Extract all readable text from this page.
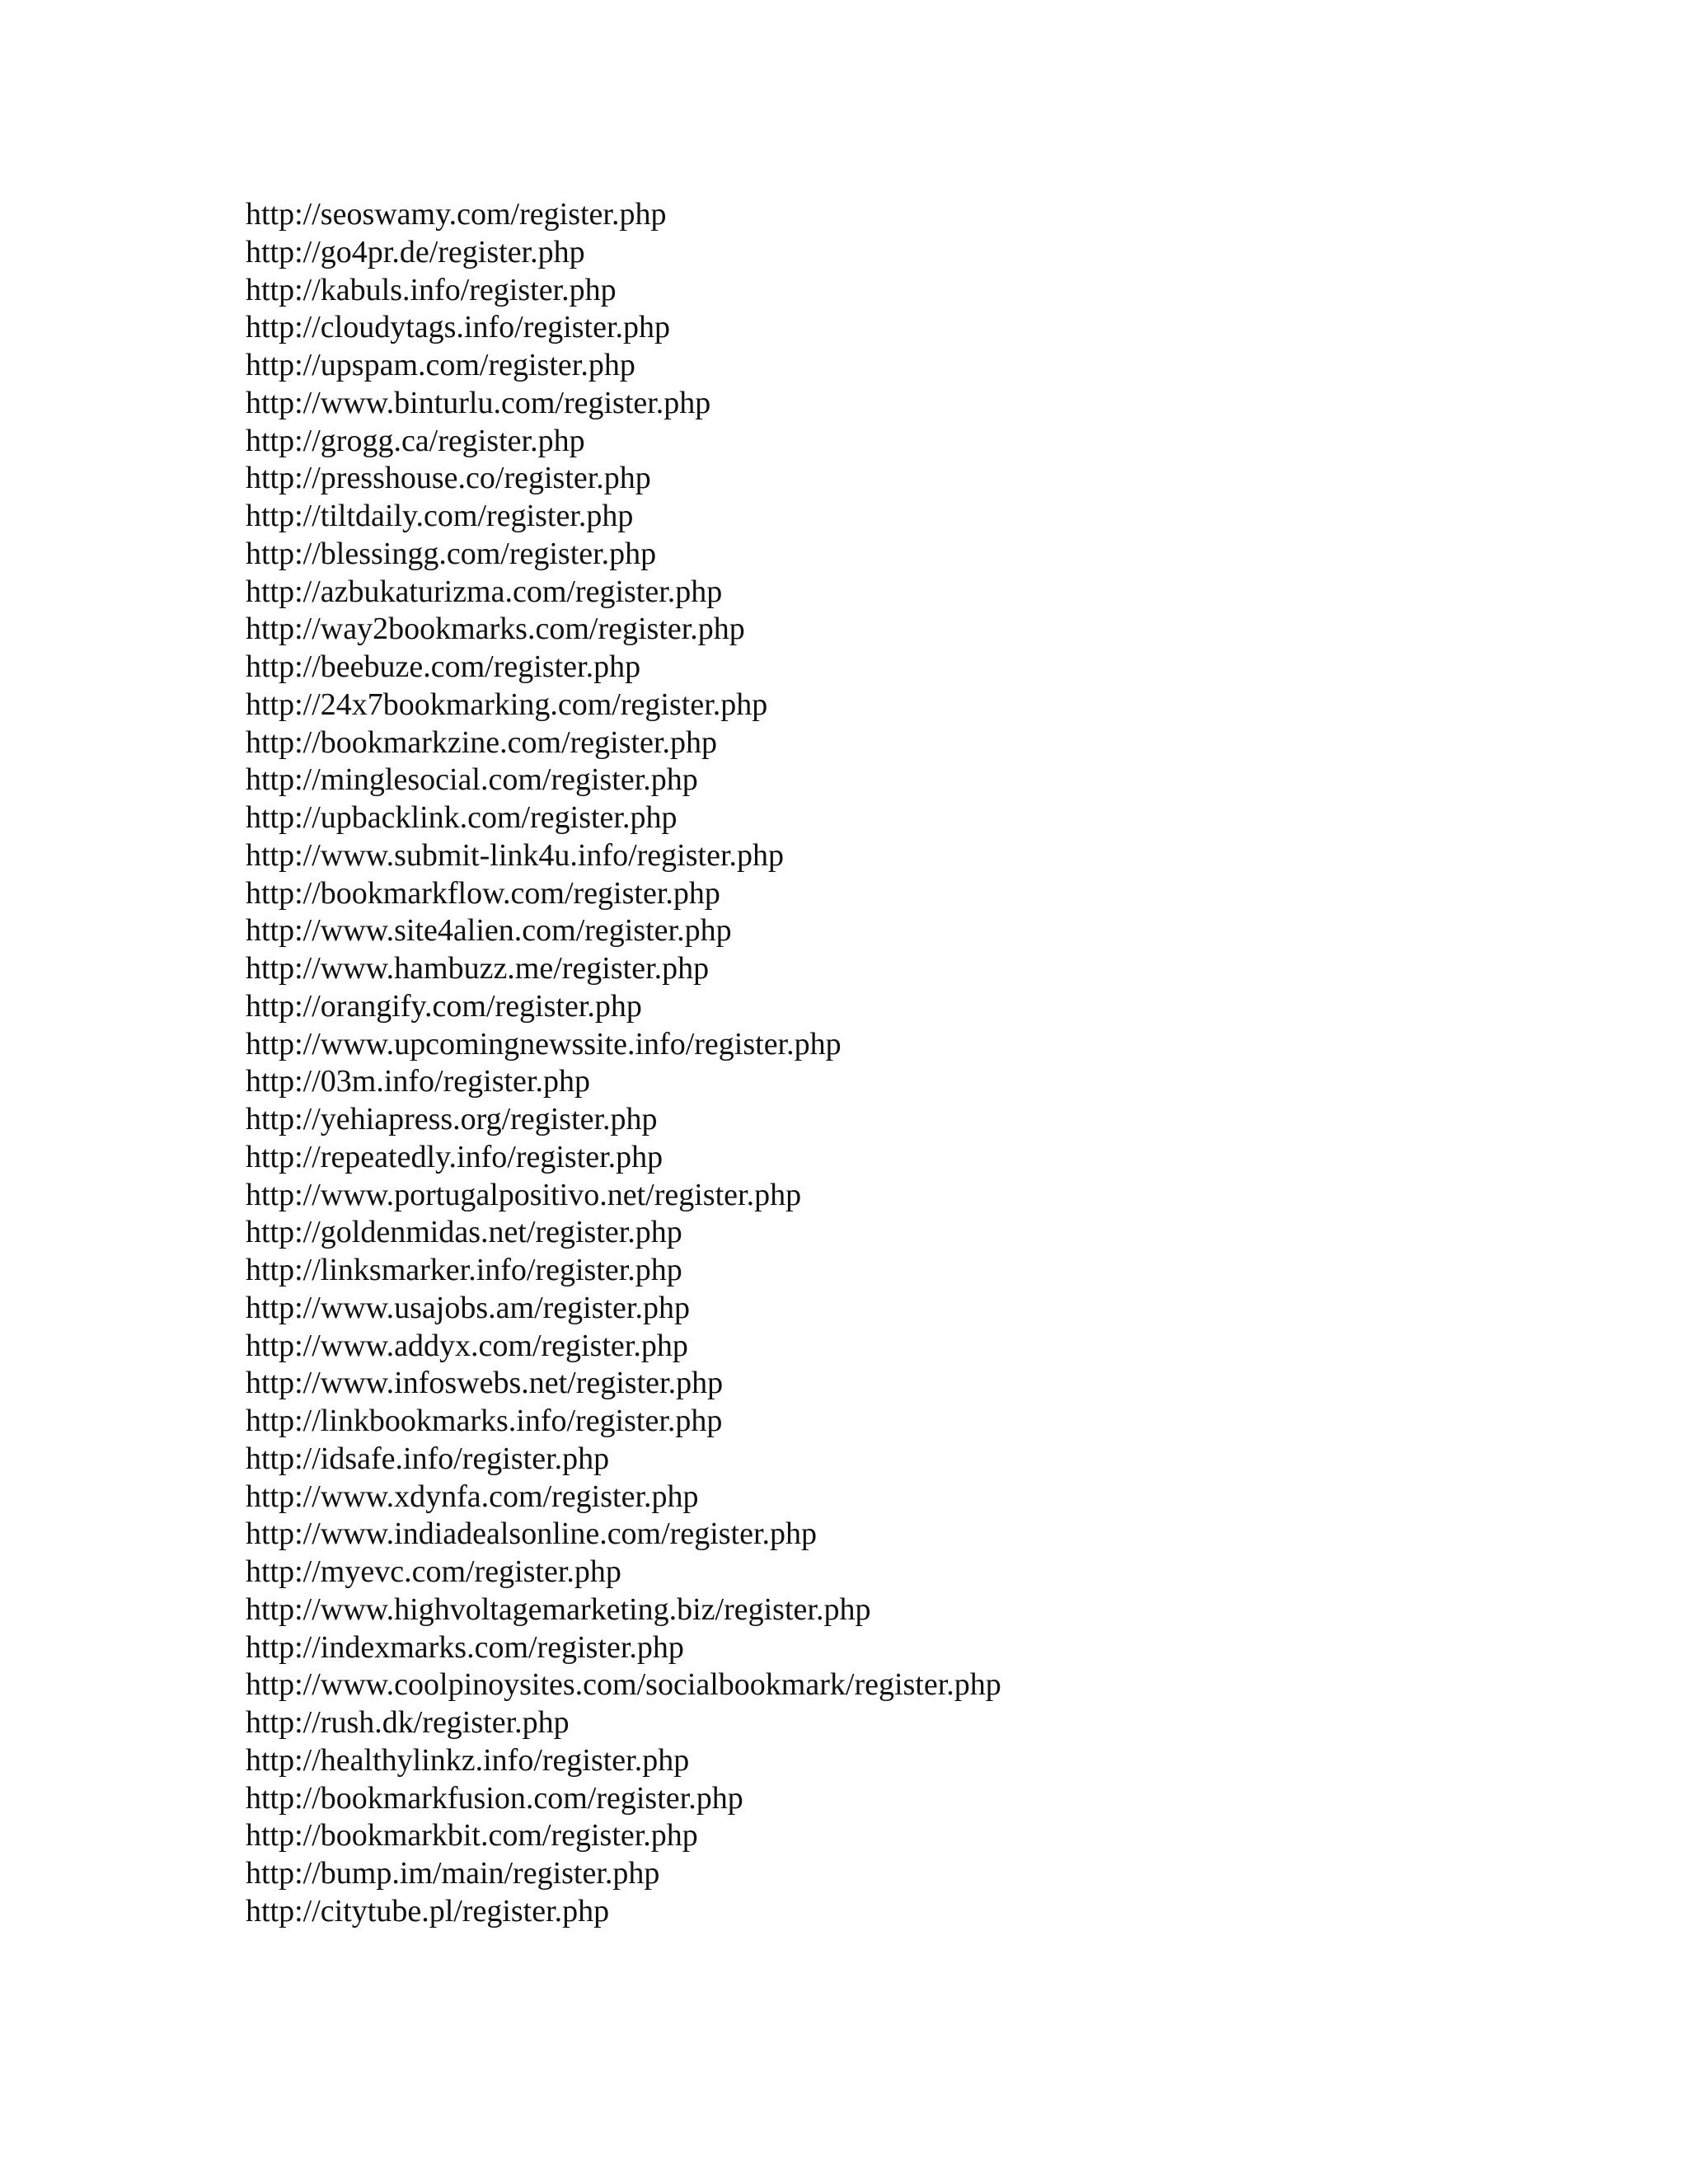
http://seoswamy.com/register.php
http://go4pr.de/register.php
http://kabuls.info/register.php
http://cloudytags.info/register.php
http://upspam.com/register.php
http://www.binturlu.com/register.php
http://grogg.ca/register.php
http://presshouse.co/register.php
http://tiltdaily.com/register.php
http://blessingg.com/register.php
http://azbukaturizma.com/register.php
http://way2bookmarks.com/register.php
http://beebuze.com/register.php
http://24x7bookmarking.com/register.php
http://bookmarkzine.com/register.php
http://minglesocial.com/register.php
http://upbacklink.com/register.php
http://www.submit-link4u.info/register.php
http://bookmarkflow.com/register.php
http://www.site4alien.com/register.php
http://www.hambuzz.me/register.php
http://orangify.com/register.php
http://www.upcomingnewssite.info/register.php
http://03m.info/register.php
http://yehiapress.org/register.php
http://repeatedly.info/register.php
http://www.portugalpositivo.net/register.php
http://goldenmidas.net/register.php
http://linksmarker.info/register.php
http://www.usajobs.am/register.php
http://www.addyx.com/register.php
http://www.infoswebs.net/register.php
http://linkbookmarks.info/register.php
http://idsafe.info/register.php
http://www.xdynfa.com/register.php
http://www.indiadealsonline.com/register.php
http://myevc.com/register.php
http://www.highvoltagemarketing.biz/register.php
http://indexmarks.com/register.php
http://www.coolpinoysites.com/socialbookmark/register.php
http://rush.dk/register.php
http://healthylinkz.info/register.php
http://bookmarkfusion.com/register.php
http://bookmarkbit.com/register.php
http://bump.im/main/register.php
http://citytube.pl/register.php
